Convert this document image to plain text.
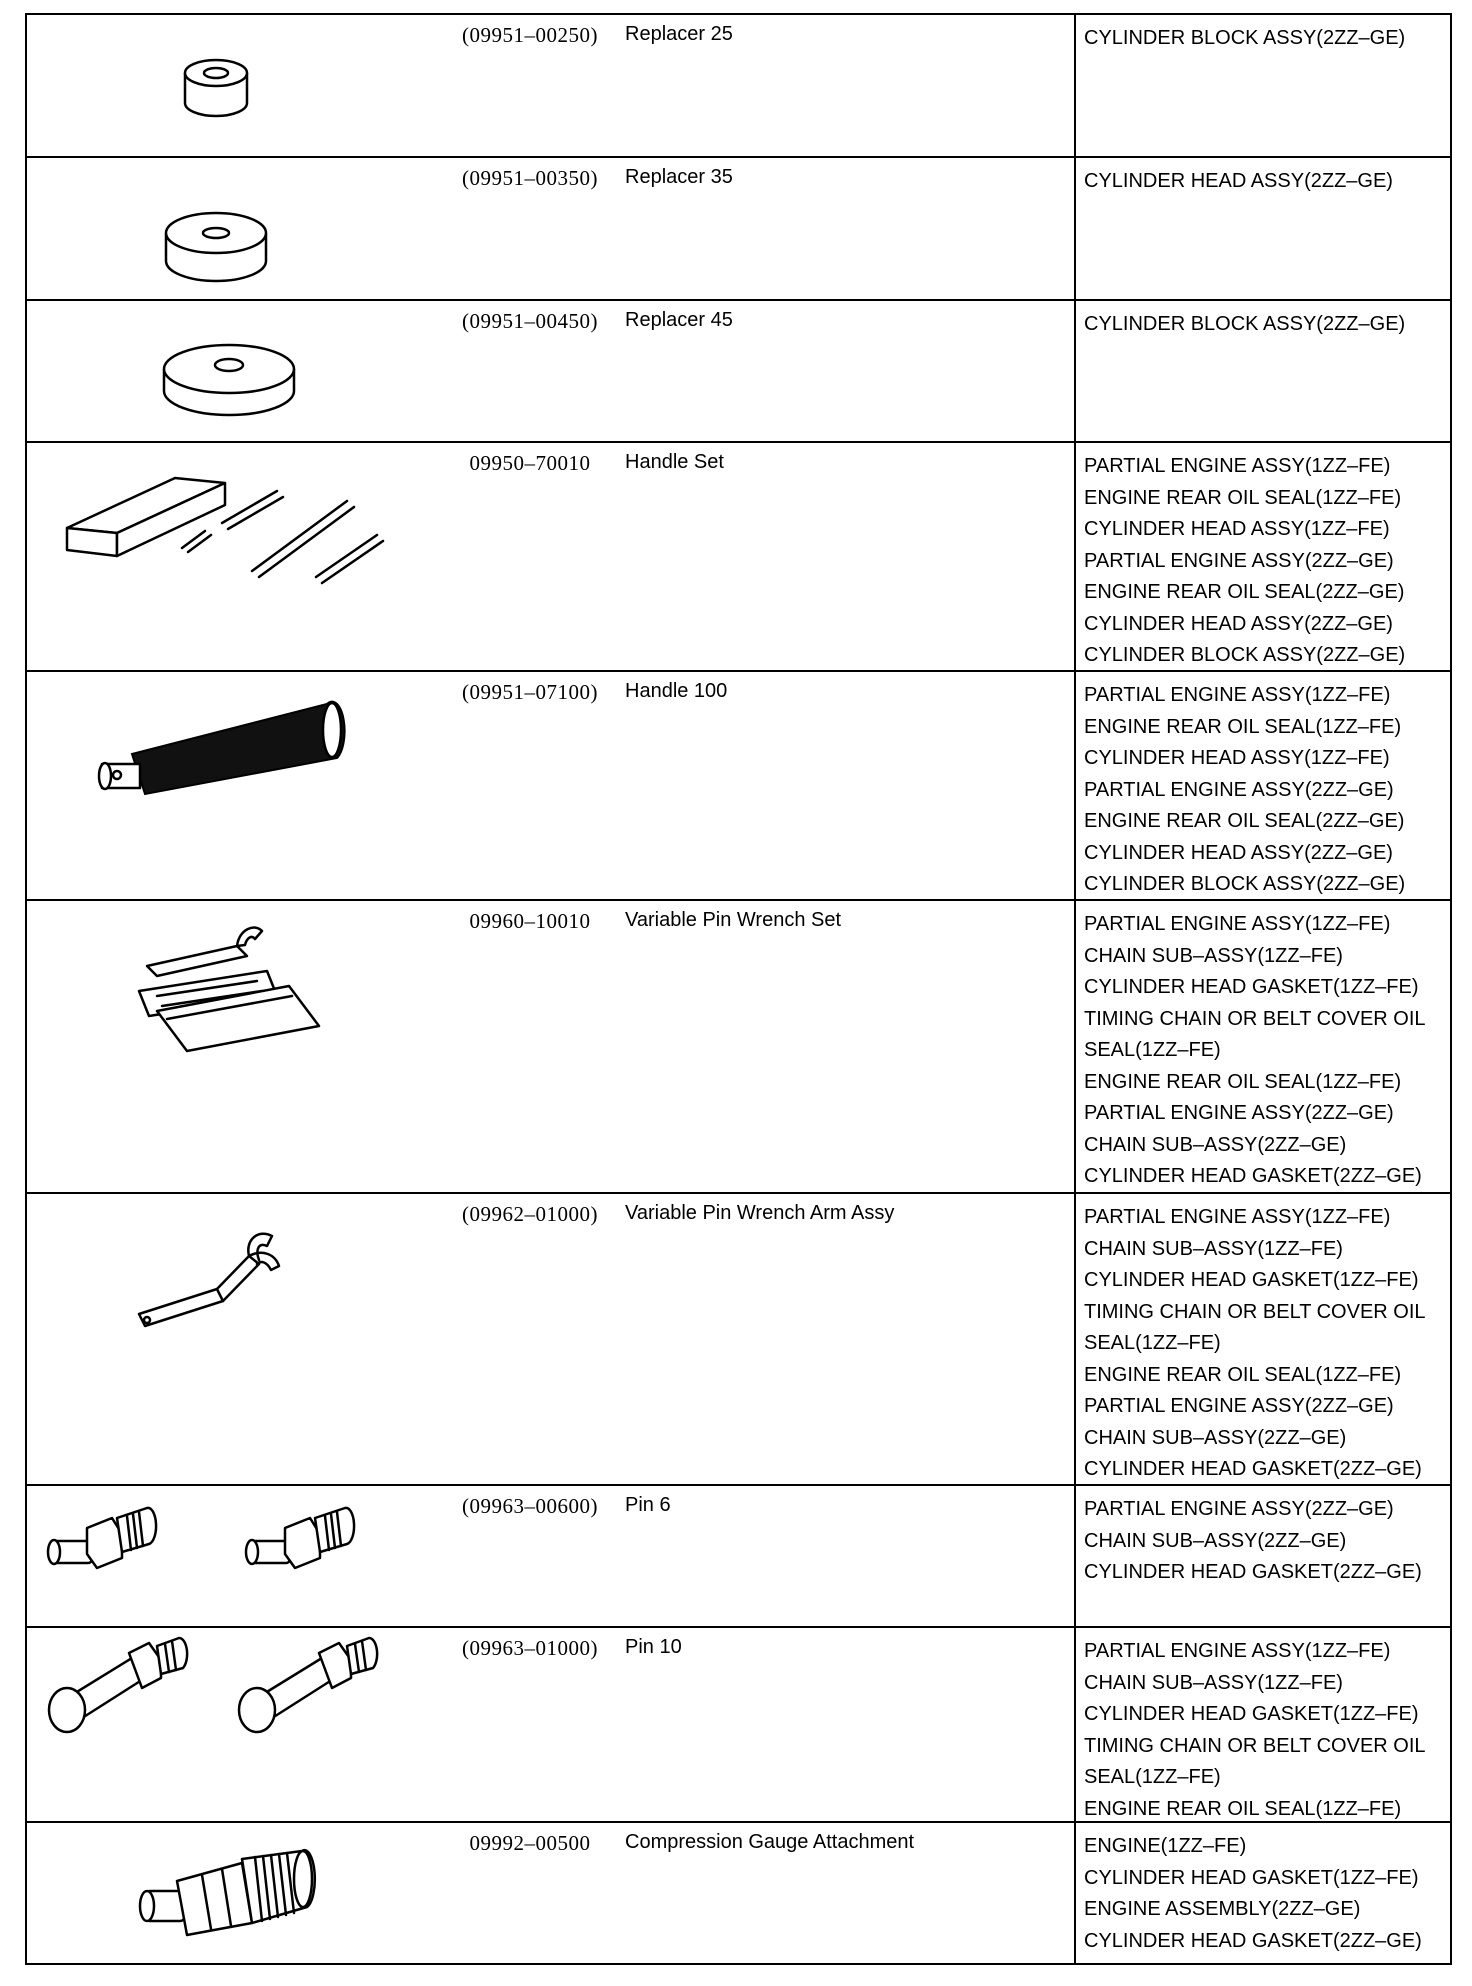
(09951–00250)	Replacer 25	CYLINDER BLOCK ASSY(2ZZ–GE)
(09951–00350)	Replacer 35	CYLINDER HEAD ASSY(2ZZ–GE)
(09951–00450)	Replacer 45	CYLINDER BLOCK ASSY(2ZZ–GE)
09950–70010	Handle Set	PARTIAL ENGINE ASSY(1ZZ–FE)
ENGINE REAR OIL SEAL(1ZZ–FE)
CYLINDER HEAD ASSY(1ZZ–FE)
PARTIAL ENGINE ASSY(2ZZ–GE)
ENGINE REAR OIL SEAL(2ZZ–GE)
CYLINDER HEAD ASSY(2ZZ–GE)
CYLINDER BLOCK ASSY(2ZZ–GE)
(09951–07100)	Handle 100	PARTIAL ENGINE ASSY(1ZZ–FE)
ENGINE REAR OIL SEAL(1ZZ–FE)
CYLINDER HEAD ASSY(1ZZ–FE)
PARTIAL ENGINE ASSY(2ZZ–GE)
ENGINE REAR OIL SEAL(2ZZ–GE)
CYLINDER HEAD ASSY(2ZZ–GE)
CYLINDER BLOCK ASSY(2ZZ–GE)
09960–10010	Variable Pin Wrench Set	PARTIAL ENGINE ASSY(1ZZ–FE)
CHAIN SUB–ASSY(1ZZ–FE)
CYLINDER HEAD GASKET(1ZZ–FE)
TIMING CHAIN OR BELT COVER OIL
SEAL(1ZZ–FE)
ENGINE REAR OIL SEAL(1ZZ–FE)
PARTIAL ENGINE ASSY(2ZZ–GE)
CHAIN SUB–ASSY(2ZZ–GE)
CYLINDER HEAD GASKET(2ZZ–GE)
(09962–01000)	Variable Pin Wrench Arm Assy	PARTIAL ENGINE ASSY(1ZZ–FE)
CHAIN SUB–ASSY(1ZZ–FE)
CYLINDER HEAD GASKET(1ZZ–FE)
TIMING CHAIN OR BELT COVER OIL
SEAL(1ZZ–FE)
ENGINE REAR OIL SEAL(1ZZ–FE)
PARTIAL ENGINE ASSY(2ZZ–GE)
CHAIN SUB–ASSY(2ZZ–GE)
CYLINDER HEAD GASKET(2ZZ–GE)
(09963–00600)	Pin 6	PARTIAL ENGINE ASSY(2ZZ–GE)
CHAIN SUB–ASSY(2ZZ–GE)
CYLINDER HEAD GASKET(2ZZ–GE)
(09963–01000)	Pin 10	PARTIAL ENGINE ASSY(1ZZ–FE)
CHAIN SUB–ASSY(1ZZ–FE)
CYLINDER HEAD GASKET(1ZZ–FE)
TIMING CHAIN OR BELT COVER OIL
SEAL(1ZZ–FE)
ENGINE REAR OIL SEAL(1ZZ–FE)
09992–00500	Compression Gauge Attachment	ENGINE(1ZZ–FE)
CYLINDER HEAD GASKET(1ZZ–FE)
ENGINE ASSEMBLY(2ZZ–GE)
CYLINDER HEAD GASKET(2ZZ–GE)
